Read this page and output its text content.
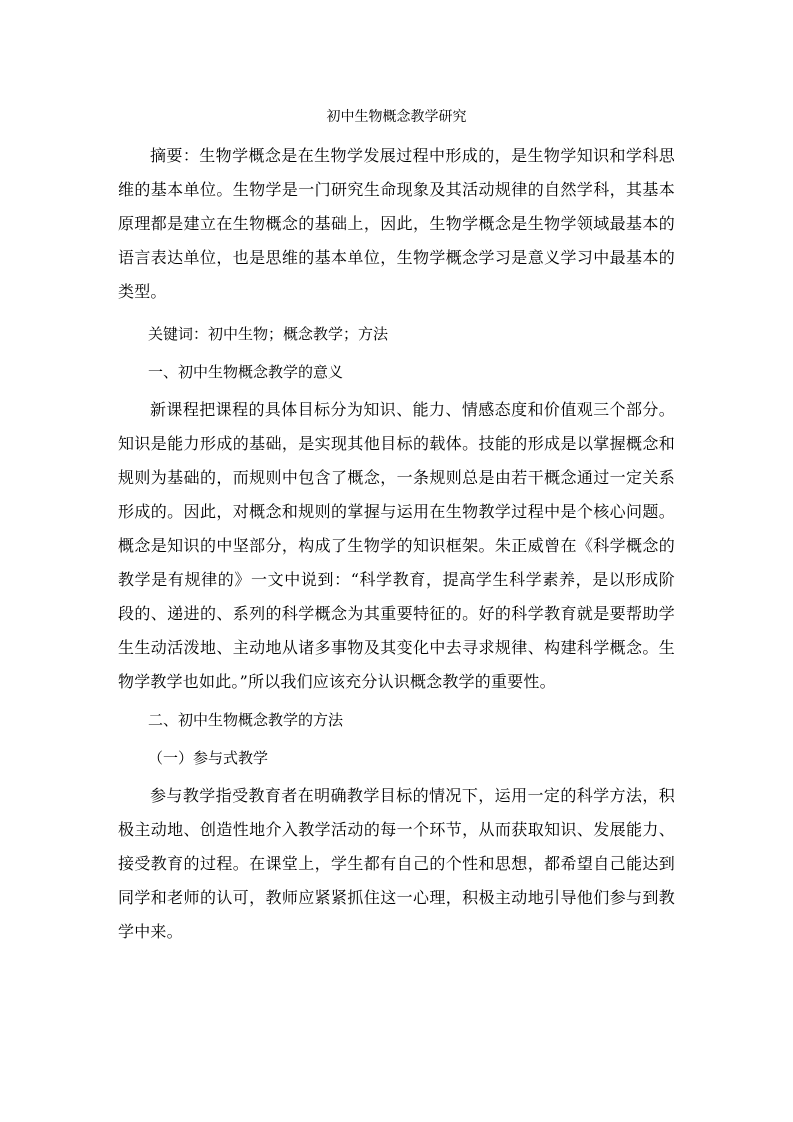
初中生物概念教学研究

摘要：生物学概念是在生物学发展过程中形成的，是生物学知识和学科思维的基本单位。生物学是一门研究生命现象及其活动规律的自然学科，其基本原理都是建立在生物概念的基础上，因此，生物学概念是生物学领域最基本的语言表达单位，也是思维的基本单位，生物学概念学习是意义学习中最基本的类型。

关键词：初中生物；概念教学；方法
一、初中生物概念教学的意义

新课程把课程的具体目标分为知识、能力、情感态度和价值观三个部分。知识是能力形成的基础，是实现其他目标的载体。技能的形成是以掌握概念和规则为基础的，而规则中包含了概念，一条规则总是由若干概念通过一定关系形成的。因此，对概念和规则的掌握与运用在生物教学过程中是个核心问题。概念是知识的中坚部分，构成了生物学的知识框架。朱正威曾在《科学概念的教学是有规律的》一文中说到：“科学教育，提高学生科学素养，是以形成阶段的、递进的、系列的科学概念为其重要特征的。好的科学教育就是要帮助学生生动活泼地、主动地从诸多事物及其变化中去寻求规律、构建科学概念。生物学教学也如此。”所以我们应该充分认识概念教学的重要性。

二、初中生物概念教学的方法
（一）参与式教学

参与教学指受教育者在明确教学目标的情况下，运用一定的科学方法，积极主动地、创造性地介入教学活动的每一个环节，从而获取知识、发展能力、接受教育的过程。在课堂上，学生都有自己的个性和思想，都希望自己能达到同学和老师的认可，教师应紧紧抓住这一心理，积极主动地引导他们参与到教学中来。
